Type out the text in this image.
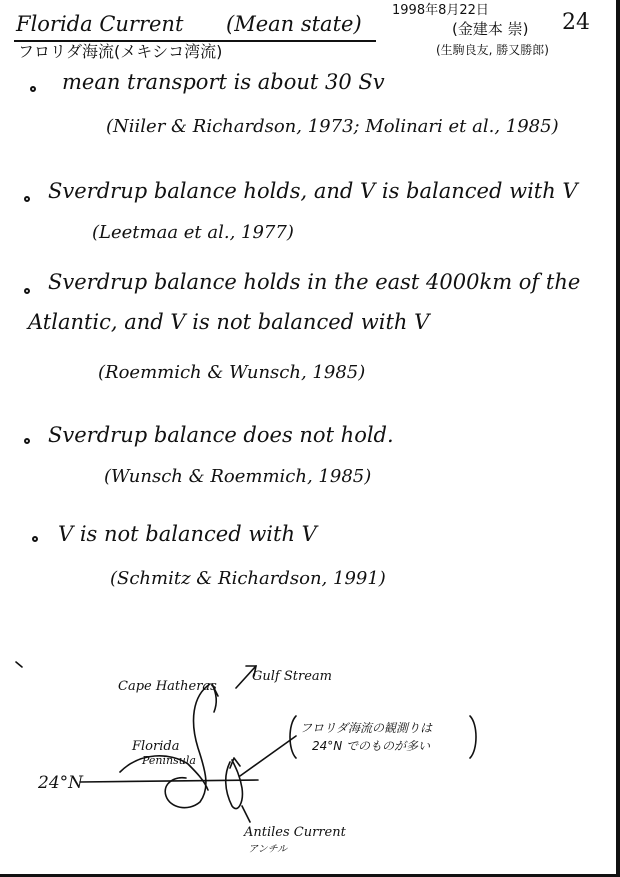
Florida Current (Mean state)
フロリダ海流(メキシコ湾流)
1998年8月22日
(金建本 崇)
(生駒良友, 勝又勝郎)
24
mean transport is about 30 Sv
(Niiler & Richardson, 1973; Molinari et al., 1985)
Sverdrup balance holds, and V is balanced with V
(Leetmaa et al., 1977)
Sverdrup balance holds in the east 4000km of the
Atlantic, and V is not balanced with V
(Roemmich & Wunsch, 1985)
Sverdrup balance does not hold.
(Wunsch & Roemmich, 1985)
V is not balanced with V
(Schmitz & Richardson, 1991)
Cape Hatheras
Gulf Stream
Florida
Peninsula
24°N
Antiles Current
アンチル
フロリダ海流の観測りは
24°N でのものが多い
